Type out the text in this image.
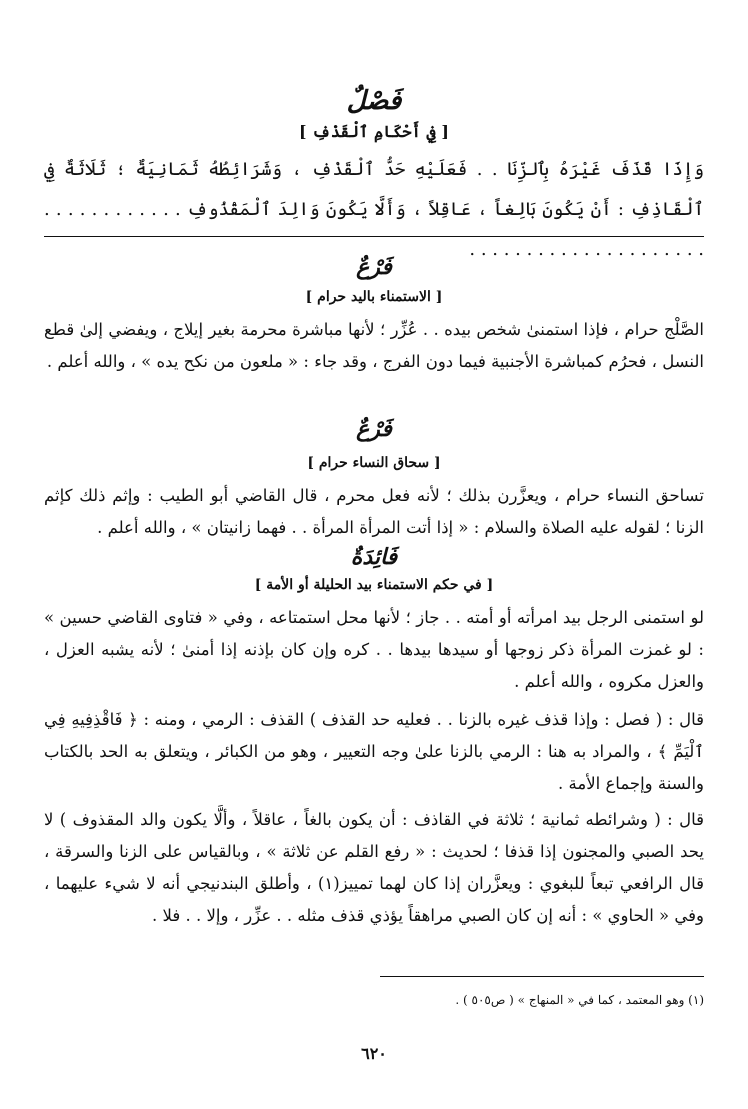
فَصْلٌ
[ فِي أَحْكَامِ ٱلْقَذْفِ ]
وَإِذَا قَذَفَ غَيْرَهُ بِٱلزِّنَا . . فَعَلَيْهِ حَدُّ ٱلْقَذْفِ ، وَشَرَائِطُهُ ثَمَانِيَةٌ ؛ ثَلَاثَةٌ فِي ٱلْقَاذِفِ : أَنْ يَكُونَ بَالِغاً ، عَاقِلاً ، وَأَلَّا يَكُونَ وَالِدَ ٱلْمَقْذُوفِ . . . . . . . . . . . . . . . . . . . . . . . . . . . . . . . . .
فَرْعٌ
[ الاستمناء باليد حرام ]
الصَّلْج حرام ، فإذا استمنىٰ شخص بيده . . عُزِّر ؛ لأنها مباشرة محرمة بغير إيلاج ، ويفضي إلىٰ قطع النسل ، فحرُم كمباشرة الأجنبية فيما دون الفرج ، وقد جاء : « ملعون من نكح يده » ، والله أعلم .
فَرْعٌ
[ سحاق النساء حرام ]
تساحق النساء حرام ، ويعزَّرن بذلك ؛ لأنه فعل محرم ، قال القاضي أبو الطيب : وإثم ذلك كإثم الزنا ؛ لقوله عليه الصلاة والسلام : « إذا أتت المرأة المرأة . . فهما زانيتان » ، والله أعلم .
فَائِدَةٌ
[ في حكم الاستمناء بيد الحليلة أو الأمة ]
لو استمنى الرجل بيد امرأته أو أمته . . جاز ؛ لأنها محل استمتاعه ، وفي « فتاوى القاضي حسين » : لو غمزت المرأة ذكر زوجها أو سيدها بيدها . . كره وإن كان بإذنه إذا أمنىٰ ؛ لأنه يشبه العزل ، والعزل مكروه ، والله أعلم .
قال : ( فصل : وإذا قذف غيره بالزنا . . فعليه حد القذف ) القذف : الرمي ، ومنه : ﴿ فَاقْذِفِيهِ فِي ٱلْيَمِّ ﴾ ، والمراد به هنا : الرمي بالزنا علىٰ وجه التعيير ، وهو من الكبائر ، ويتعلق به الحد بالكتاب والسنة وإجماع الأمة .
قال : ( وشرائطه ثمانية ؛ ثلاثة في القاذف : أن يكون بالغاً ، عاقلاً ، وألَّا يكون والد المقذوف ) لا يحد الصبي والمجنون إذا قذفا ؛ لحديث : « رفع القلم عن ثلاثة » ، وبالقياس على الزنا والسرقة ، قال الرافعي تبعاً للبغوي : ويعزَّران إذا كان لهما تمييز(١) ، وأطلق البندنيجي أنه لا شيء عليهما ، وفي « الحاوي » : أنه إن كان الصبي مراهقاً يؤذي قذف مثله . . عزِّر ، وإلا . . فلا .
(١) وهو المعتمد ، كما في « المنهاج » ( ص٥٠٥ ) .
٦٢٠
